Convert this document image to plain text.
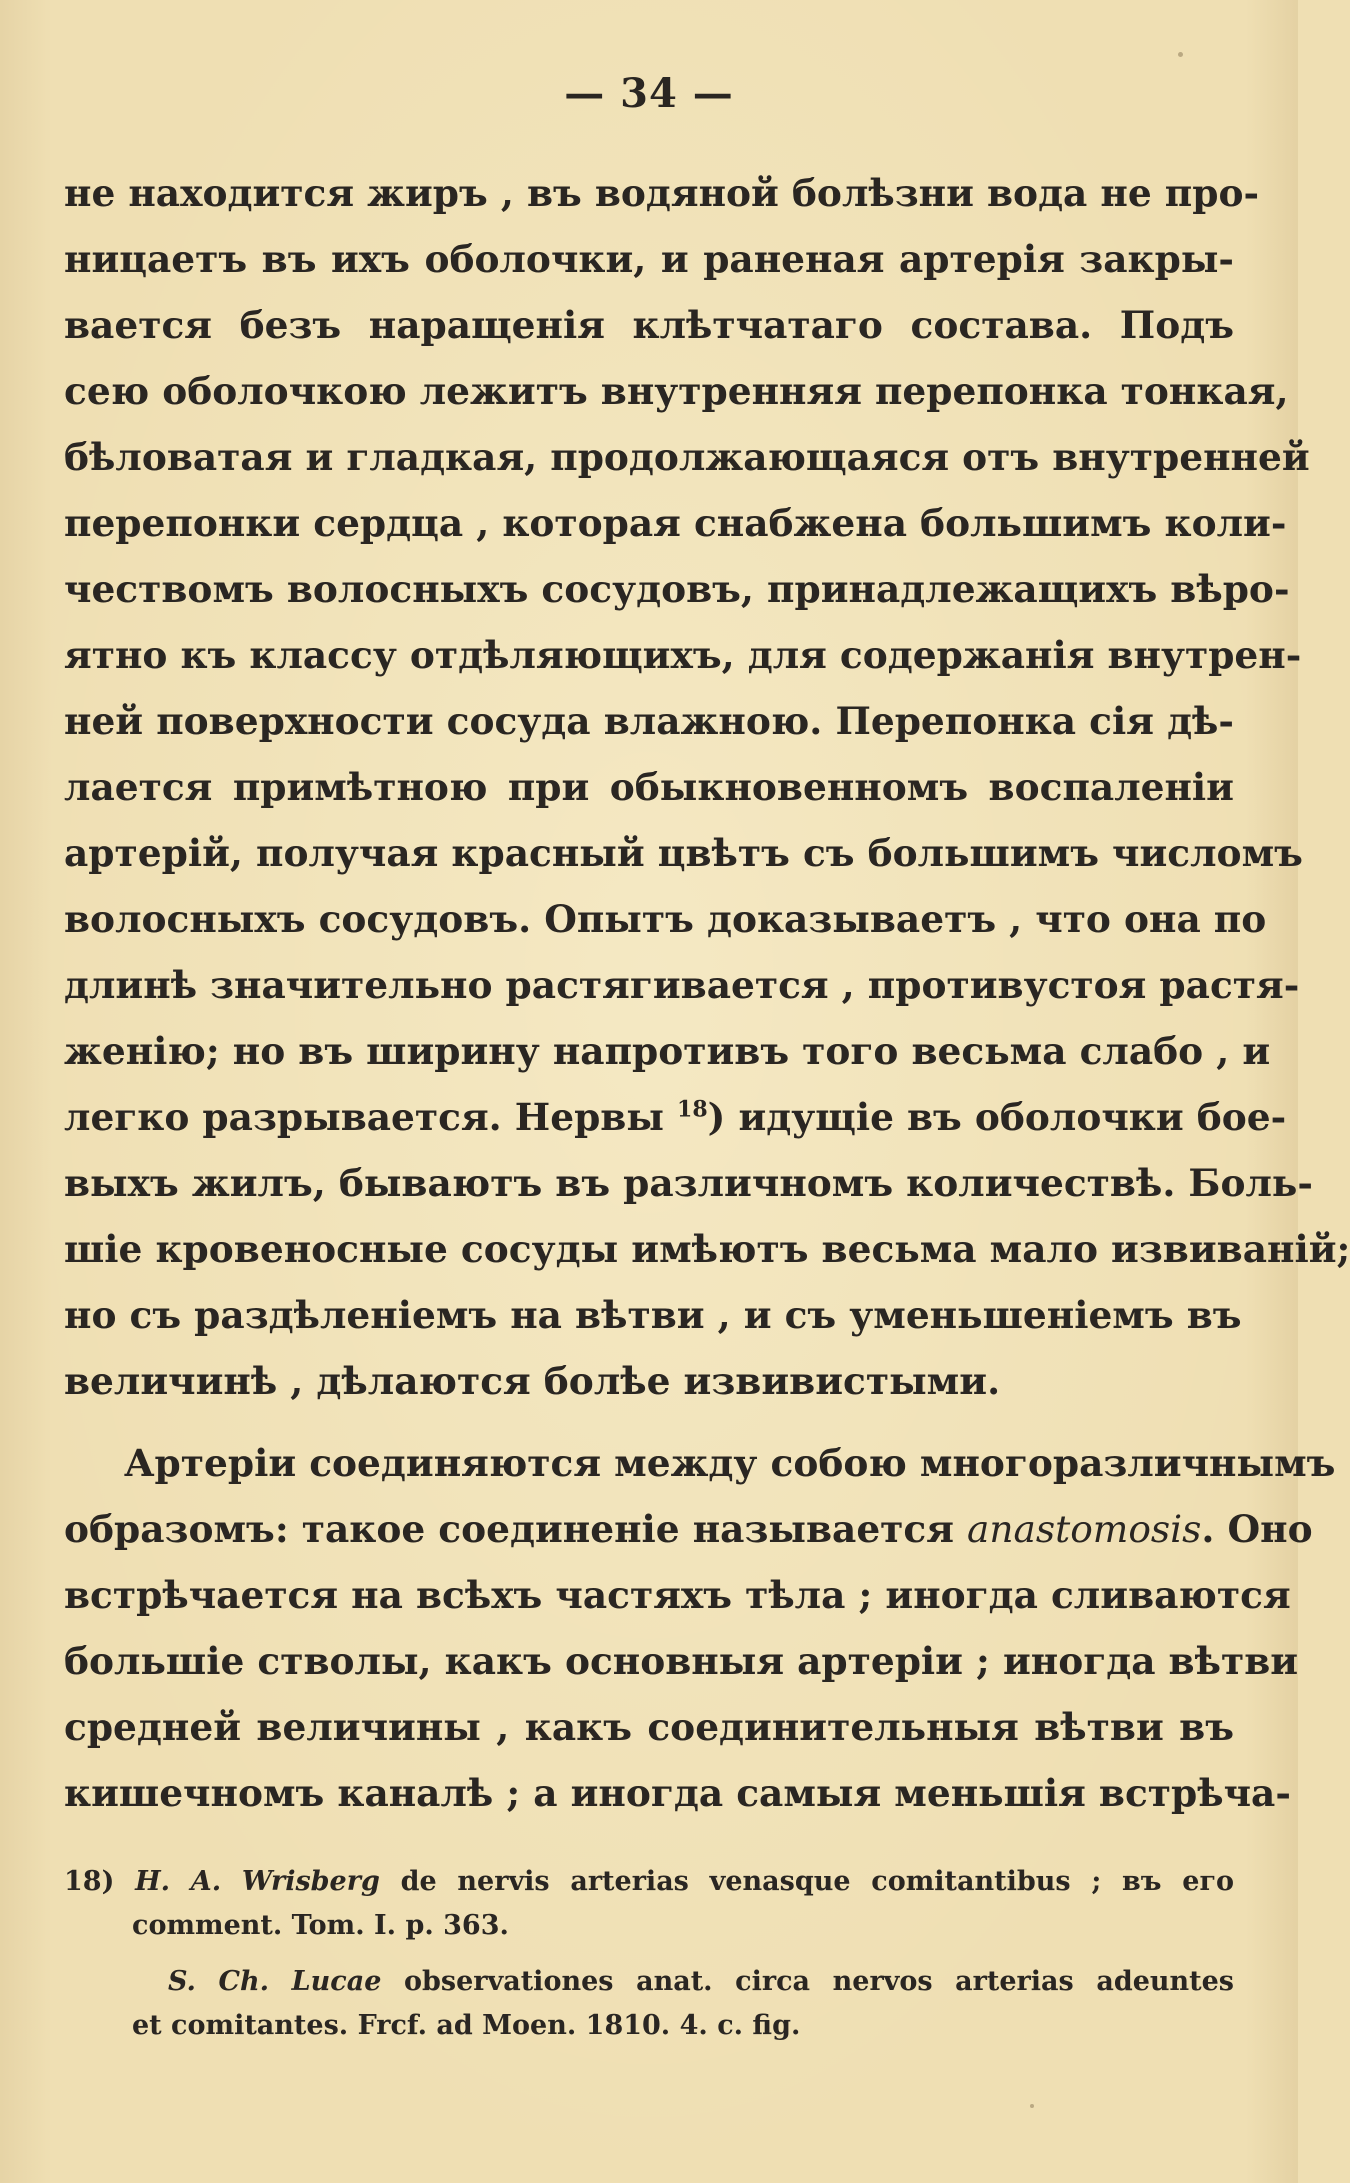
— 34 —
не находится жиръ , въ водяной болѣзни вода не про-
ницаетъ въ ихъ оболочки, и раненая артерія закры-
вается безъ наращенія клѣтчатаго состава. Подъ
сею оболочкою лежитъ внутренняя перепонка тонкая,
бѣловатая и гладкая, продолжающаяся отъ внутренней
перепонки сердца , которая снабжена большимъ коли-
чествомъ волосныхъ сосудовъ, принадлежащихъ вѣро-
ятно къ классу отдѣляющихъ, для содержанія внутрен-
ней поверхности сосуда влажною. Перепонка сія дѣ-
лается примѣтною при обыкновенномъ воспаленіи
артерій, получая красный цвѣтъ съ большимъ числомъ
волосныхъ сосудовъ. Опытъ доказываетъ , что она по
длинѣ значительно растягивается , противустоя растя-
женію; но въ ширину напротивъ того весьма слабо , и
легко разрывается. Нервы $^{18}$) идущіе въ оболочки бое-
выхъ жилъ, бываютъ въ различномъ количествѣ. Боль-
шіе кровеносные сосуды имѣютъ весьма мало извиваній;
но съ раздѣленіемъ на вѣтви , и съ уменьшеніемъ въ
величинѣ , дѣлаются болѣе извивистыми.
Артеріи соединяются между собою многоразличнымъ
образомъ: такое соединеніе называется anastomosis. Оно
встрѣчается на всѣхъ частяхъ тѣла ; иногда сливаются
большіе стволы, какъ основныя артеріи ; иногда вѣтви
средней величины , какъ соединительныя вѣтви въ
кишечномъ каналѣ ; а иногда самыя меньшія встрѣча-
18) H. A. Wrisberg de nervis arterias venasque comitantibus ; въ его
comment. Tom. I. p. 363.
S. Ch. Lucae observationes anat. circa nervos arterias adeuntes
et comitantes. Frcf. ad Moen. 1810. 4. c. fig.
